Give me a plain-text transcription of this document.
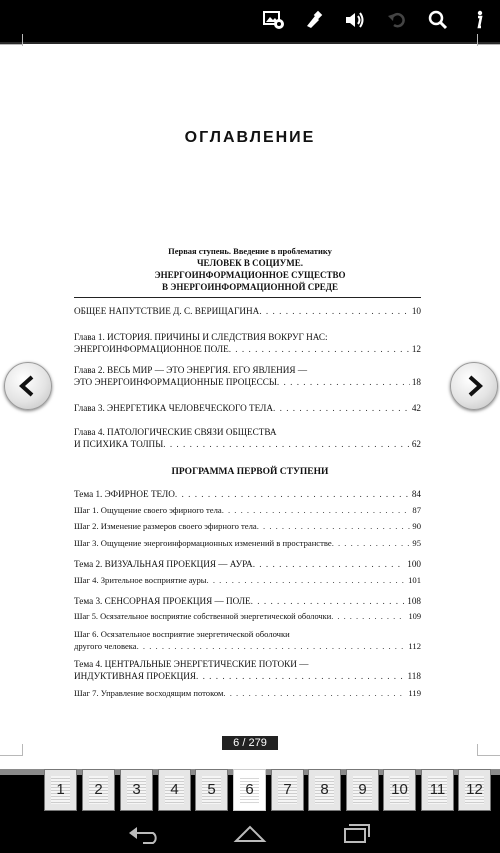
ОГЛАВЛЕНИЕ
Первая ступень. Введение в проблематику
ЧЕЛОВЕК В СОЦИУМЕ.
ЭНЕРГОИНФОРМАЦИОННОЕ СУЩЕСТВО
В ЭНЕРГОИНФОРМАЦИОННОЙ СРЕДЕ
ОБЩЕЕ НАПУТСТВИЕ Д. С. ВЕРИЩАГИНА . . .	10
Глава 1. ИСТОРИЯ. ПРИЧИНЫ И СЛЕДСТВИЯ ВОКРУГ НАС:
ЭНЕРГОИНФОРМАЦИОННОЕ ПОЛЕ . . .	12
Глава 2. ВЕСЬ МИР — ЭТО ЭНЕРГИЯ. ЕГО ЯВЛЕНИЯ —
ЭТО ЭНЕРГОИНФОРМАЦИОННЫЕ ПРОЦЕССЫ . . .	18
Глава 3. ЭНЕРГЕТИКА ЧЕЛОВЕЧЕСКОГО ТЕЛА . . .	42
Глава 4. ПАТОЛОГИЧЕСКИЕ СВЯЗИ ОБЩЕСТВА
И ПСИХИКА ТОЛПЫ . . .	62
ПРОГРАММА ПЕРВОЙ СТУПЕНИ
Тема 1. ЭФИРНОЕ ТЕЛО . . .	84
Шаг 1. Ощущение своего эфирного тела . . .	87
Шаг 2. Изменение размеров своего эфирного тела . . .	90
Шаг 3. Ощущение энергоинформационных изменений в пространстве . . .	95
Тема 2. ВИЗУАЛЬНАЯ ПРОЕКЦИЯ — АУРА . . .	100
Шаг 4. Зрительное восприятие ауры . . .	101
Тема 3. СЕНСОРНАЯ ПРОЕКЦИЯ — ПОЛЕ . . .	108
Шаг 5. Осязательное восприятие собственной энергетической оболочки . . .	109
Шаг 6. Осязательное восприятие энергетической оболочки
другого человека . . .	112
Тема 4. ЦЕНТРАЛЬНЫЕ ЭНЕРГЕТИЧЕСКИЕ ПОТОКИ —
ИНДУКТИВНАЯ ПРОЕКЦИЯ . . .	118
Шаг 7. Управление восходящим потоком . . .	119
6 / 279
1	2	3	4	5	6	7	8	9	10	11	12
